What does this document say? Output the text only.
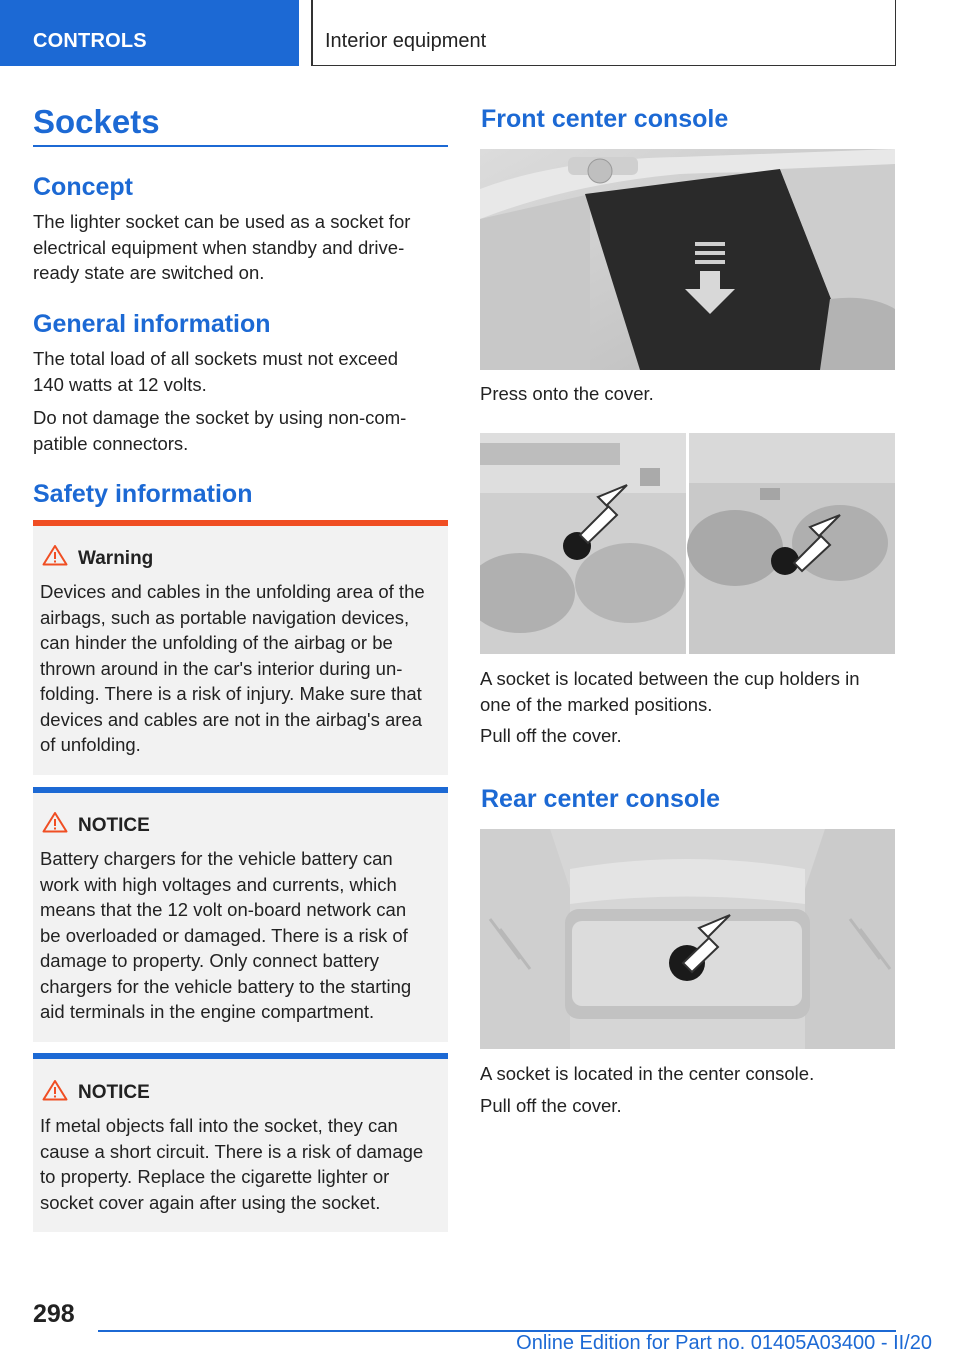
CONTROLS	Interior equipment
Sockets
Concept

The lighter socket can be used as a socket for
electrical equipment when standby and drive-
ready state are switched on.

General information

The total load of all sockets must not exceed
140 watts at 12 volts.

Do not damage the socket by using non-com-
patible connectors.

Safety information
Warning

Devices and cables in the unfolding area of the
airbags, such as portable navigation devices,
can hinder the unfolding of the airbag or be
thrown around in the car's interior during un-
folding. There is a risk of injury. Make sure that
devices and cables are not in the airbag's area
of unfolding.

NOTICE

Battery chargers for the vehicle battery can
work with high voltages and currents, which
means that the 12 volt on-board network can
be overloaded or damaged. There is a risk of
damage to property. Only connect battery
chargers for the vehicle battery to the starting
aid terminals in the engine compartment.

NOTICE

If metal objects fall into the socket, they can
cause a short circuit. There is a risk of damage
to property. Replace the cigarette lighter or
socket cover again after using the socket.

Front center console

Press onto the cover.

A socket is located between the cup holders in
one of the marked positions.

Pull off the cover.

Rear center console

A socket is located in the center console.

Pull off the cover.

298
Online Edition for Part no. 01405A03400 - II/20
